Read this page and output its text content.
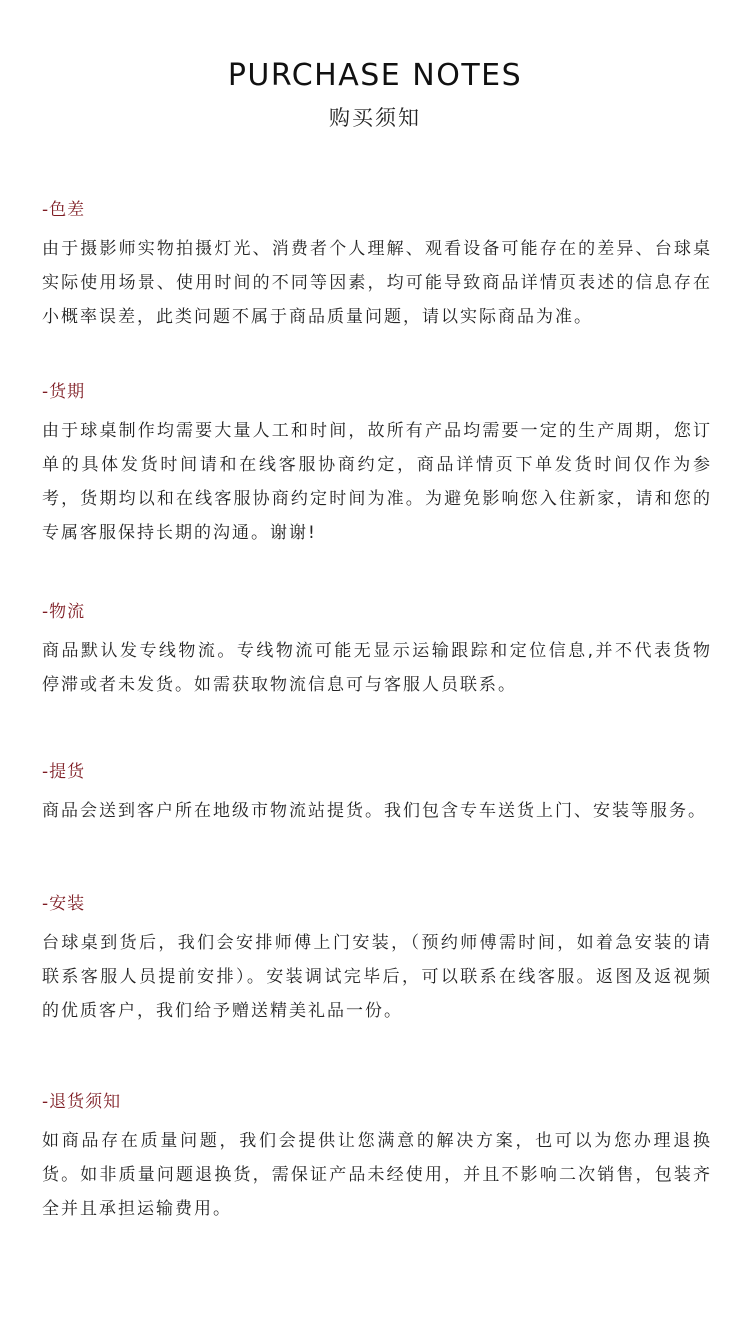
PURCHASE NOTES
购买须知
-色差

由于摄影师实物拍摄灯光、消费者个人理解、观看设备可能存在的差异、台球桌实际使用场景、使用时间的不同等因素，均可能导致商品详情页表述的信息存在小概率误差，此类问题不属于商品质量问题，请以实际商品为准。

-货期

由于球桌制作均需要大量人工和时间，故所有产品均需要一定的生产周期，您订单的具体发货时间请和在线客服协商约定，商品详情页下单发货时间仅作为参考，货期均以和在线客服协商约定时间为准。为避免影响您入住新家，请和您的专属客服保持长期的沟通。谢谢!

-物流

商品默认发专线物流。专线物流可能无显示运输跟踪和定位信息,并不代表货物停滞或者未发货。如需获取物流信息可与客服人员联系。

-提货

商品会送到客户所在地级市物流站提货。我们包含专车送货上门、安装等服务。

-安装

台球桌到货后，我们会安排师傅上门安装，（预约师傅需时间，如着急安装的请联系客服人员提前安排）。安装调试完毕后，可以联系在线客服。返图及返视频的优质客户，我们给予赠送精美礼品一份。

-退货须知

如商品存在质量问题，我们会提供让您满意的解决方案，也可以为您办理退换货。如非质量问题退换货，需保证产品未经使用，并且不影响二次销售，包装齐全并且承担运输费用。
